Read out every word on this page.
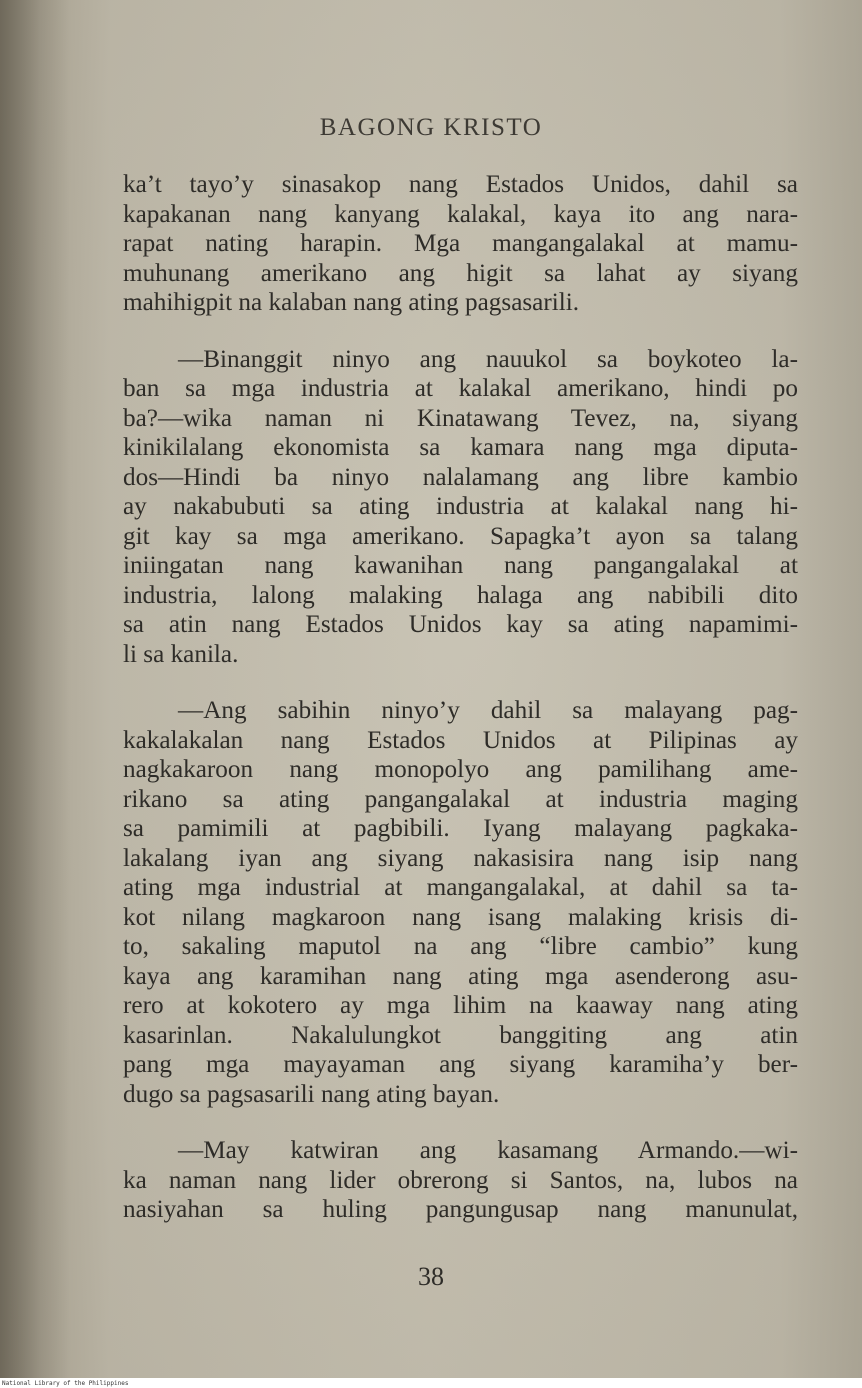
BAGONG KRISTO

ka’t tayo’y sinasakop nang Estados Unidos, dahil sa
kapakanan nang kanyang kalakal, kaya ito ang nara-
rapat nating harapin. Mga mangangalakal at mamu-
muhunang amerikano ang higit sa lahat ay siyang
mahihigpit na kalaban nang ating pagsasarili.

—Binanggit ninyo ang nauukol sa boykoteo la-
ban sa mga industria at kalakal amerikano, hindi po
ba?—wika naman ni Kinatawang Tevez, na, siyang
kinikilalang ekonomista sa kamara nang mga diputa-
dos—Hindi ba ninyo nalalamang ang libre kambio
ay nakabubuti sa ating industria at kalakal nang hi-
git kay sa mga amerikano. Sapagka’t ayon sa talang
iniingatan nang kawanihan nang pangangalakal at
industria, lalong malaking halaga ang nabibili dito
sa atin nang Estados Unidos kay sa ating napamimi-
li sa kanila.

—Ang sabihin ninyo’y dahil sa malayang pag-
kakalakalan nang Estados Unidos at Pilipinas ay
nagkakaroon nang monopolyo ang pamilihang ame-
rikano sa ating pangangalakal at industria maging
sa pamimili at pagbibili. Iyang malayang pagkaka-
lakalang iyan ang siyang nakasisira nang isip nang
ating mga industrial at mangangalakal, at dahil sa ta-
kot nilang magkaroon nang isang malaking krisis di-
to, sakaling maputol na ang “libre cambio” kung
kaya ang karamihan nang ating mga asenderong asu-
rero at kokotero ay mga lihim na kaaway nang ating
kasarinlan. Nakalulungkot banggiting ang atin
pang mga mayayaman ang siyang karamiha’y ber-
dugo sa pagsasarili nang ating bayan.

—May katwiran ang kasamang Armando.—wi-
ka naman nang lider obrerong si Santos, na, lubos na
nasiyahan sa huling pangungusap nang manunulat,

38
National Library of the Philippines
